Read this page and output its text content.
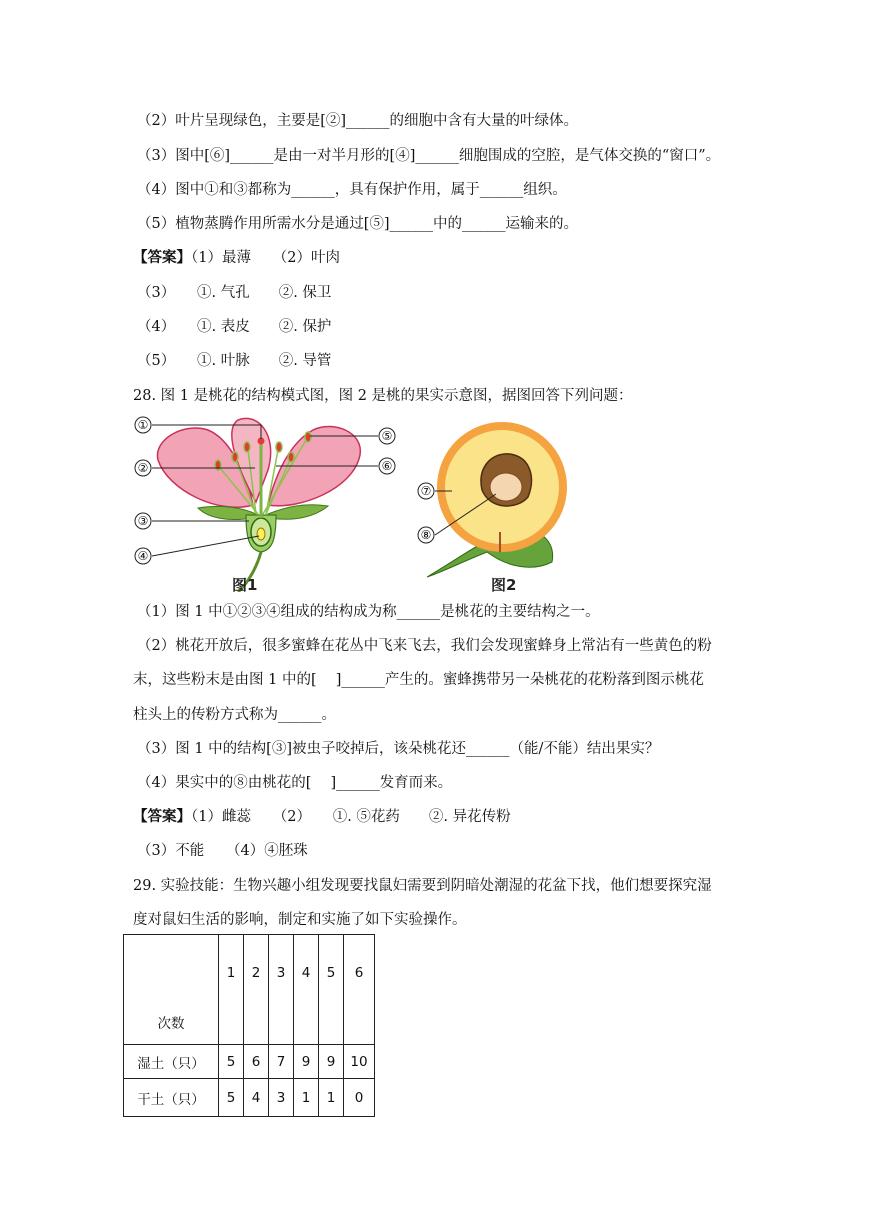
（2）叶片呈现绿色，主要是[②]______的细胞中含有大量的叶绿体。
（3）图中[⑥]______是由一对半月形的[④]______细胞围成的空腔，是气体交换的“窗口”。
（4）图中①和③都称为______，具有保护作用，属于______组织。
（5）植物蒸腾作用所需水分是通过[⑤]______中的______运输来的。
【答案】（1）最薄　　（2）叶肉
（3）　　①. 气孔　　②. 保卫
（4）　　①. 表皮　　②. 保护
（5）　　①. 叶脉　　②. 导管
28. 图 1 是桃花的结构模式图，图 2 是桃的果实示意图，据图回答下列问题：
①
②
③
④
⑤
⑥
图1
⑦
⑧
图2
（1）图 1 中①②③④组成的结构成为称______是桃花的主要结构之一。
（2）桃花开放后，很多蜜蜂在花丛中飞来飞去，我们会发现蜜蜂身上常沾有一些黄色的粉
末，这些粉末是由图 1 中的[　 ]______产生的。蜜蜂携带另一朵桃花的花粉落到图示桃花
柱头上的传粉方式称为______。
（3）图 1 中的结构[③]被虫子咬掉后，该朵桃花还______（能/不能）结出果实？
（4）果实中的⑧由桃花的[　 ]______发育而来。
【答案】（1）雌蕊　　（2）　　①. ⑤花药　　②. 异花传粉
（3）不能　　（4）④胚珠
29. 实验技能：生物兴趣小组发现要找鼠妇需要到阴暗处潮湿的花盆下找，他们想要探究湿
度对鼠妇生活的影响，制定和实施了如下实验操作。
次数	1	2	3	4	5	6
湿土（只）	5	6	7	9	9	10
干土（只）	5	4	3	1	1	0
